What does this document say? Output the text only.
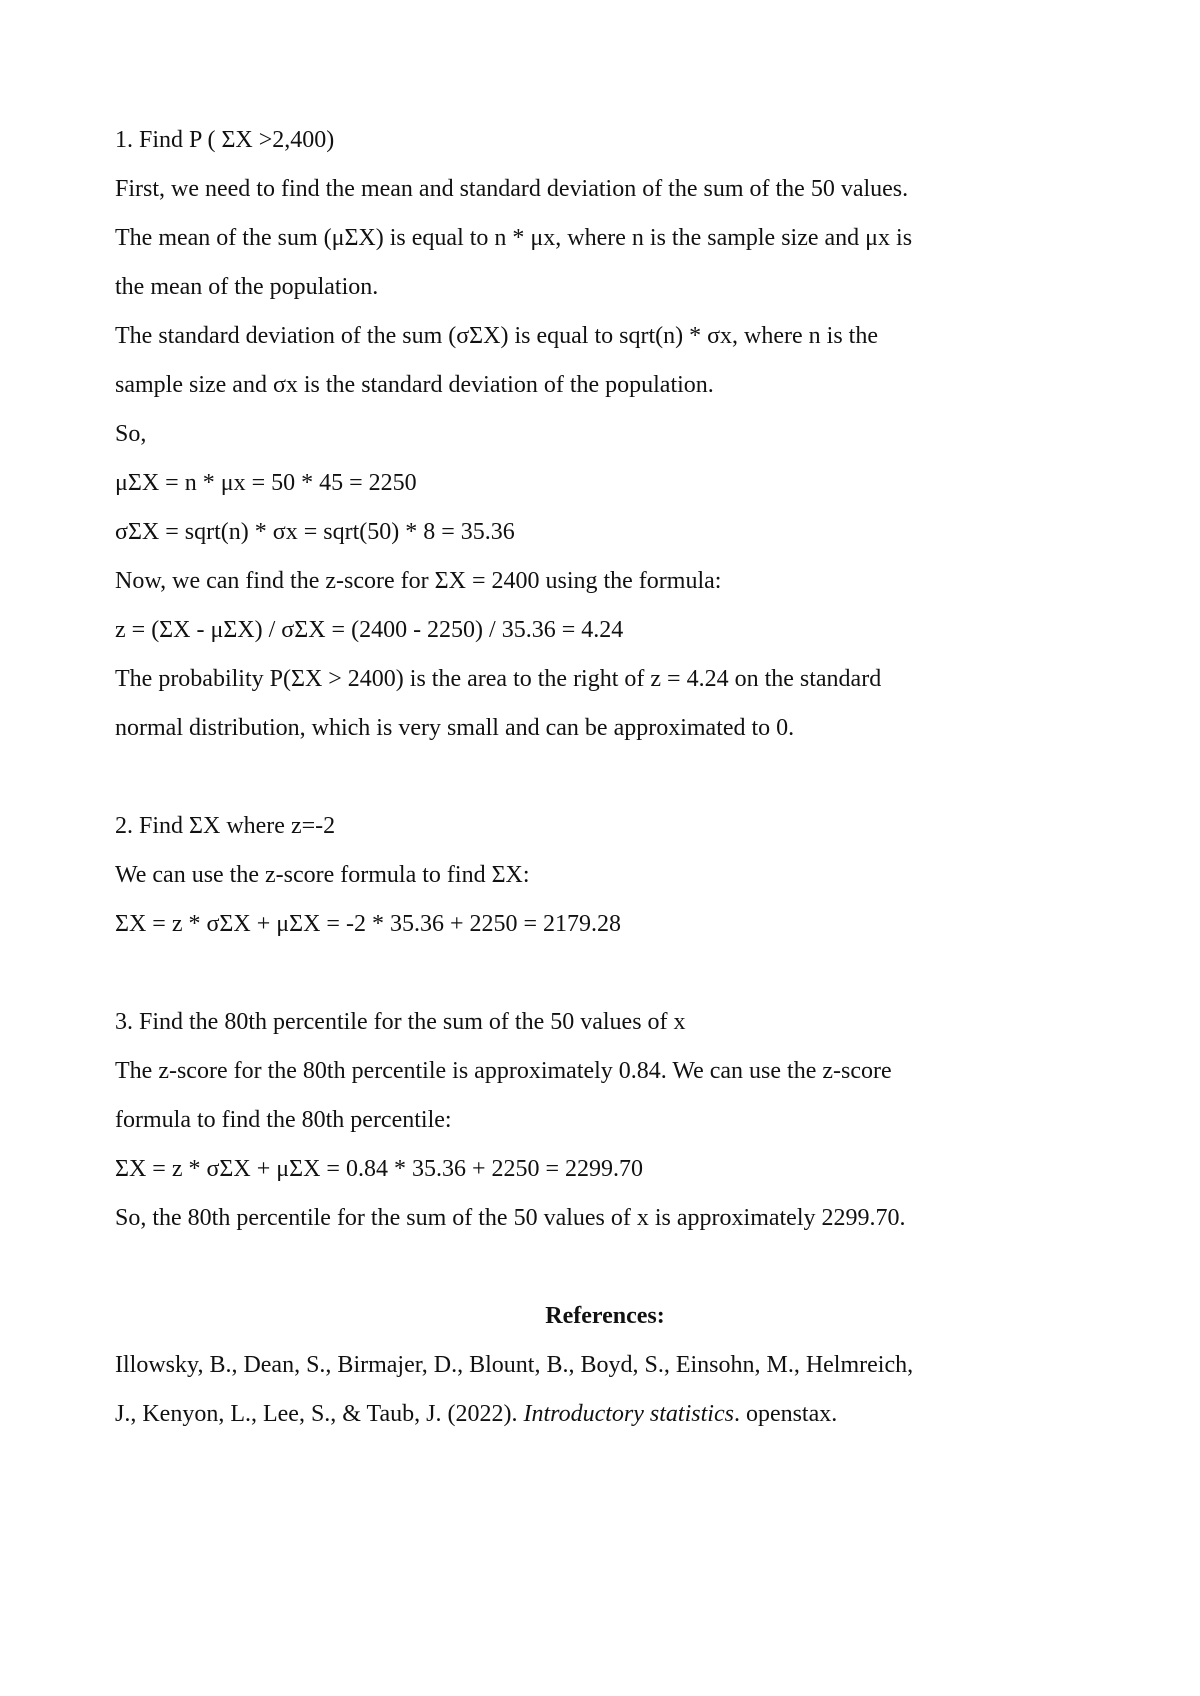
1. Find P ( ΣX >2,400)
First, we need to find the mean and standard deviation of the sum of the 50 values.
The mean of the sum (μΣX) is equal to n * μx, where n is the sample size and μx is
the mean of the population.
The standard deviation of the sum (σΣX) is equal to sqrt(n) * σx, where n is the
sample size and σx is the standard deviation of the population.
So,
μΣX = n * μx = 50 * 45 = 2250
σΣX = sqrt(n) * σx = sqrt(50) * 8 = 35.36
Now, we can find the z-score for ΣX = 2400 using the formula:
z = (ΣX - μΣX) / σΣX = (2400 - 2250) / 35.36 = 4.24
The probability P(ΣX > 2400) is the area to the right of z = 4.24 on the standard
normal distribution, which is very small and can be approximated to 0.
2. Find ΣX where z=-2
We can use the z-score formula to find ΣX:
ΣX = z * σΣX + μΣX = -2 * 35.36 + 2250 = 2179.28
3. Find the 80th percentile for the sum of the 50 values of x
The z-score for the 80th percentile is approximately 0.84. We can use the z-score
formula to find the 80th percentile:
ΣX = z * σΣX + μΣX = 0.84 * 35.36 + 2250 = 2299.70
So, the 80th percentile for the sum of the 50 values of x is approximately 2299.70.
References:
Illowsky, B., Dean, S., Birmajer, D., Blount, B., Boyd, S., Einsohn, M., Helmreich,
J., Kenyon, L., Lee, S., & Taub, J. (2022). Introductory statistics. openstax.
